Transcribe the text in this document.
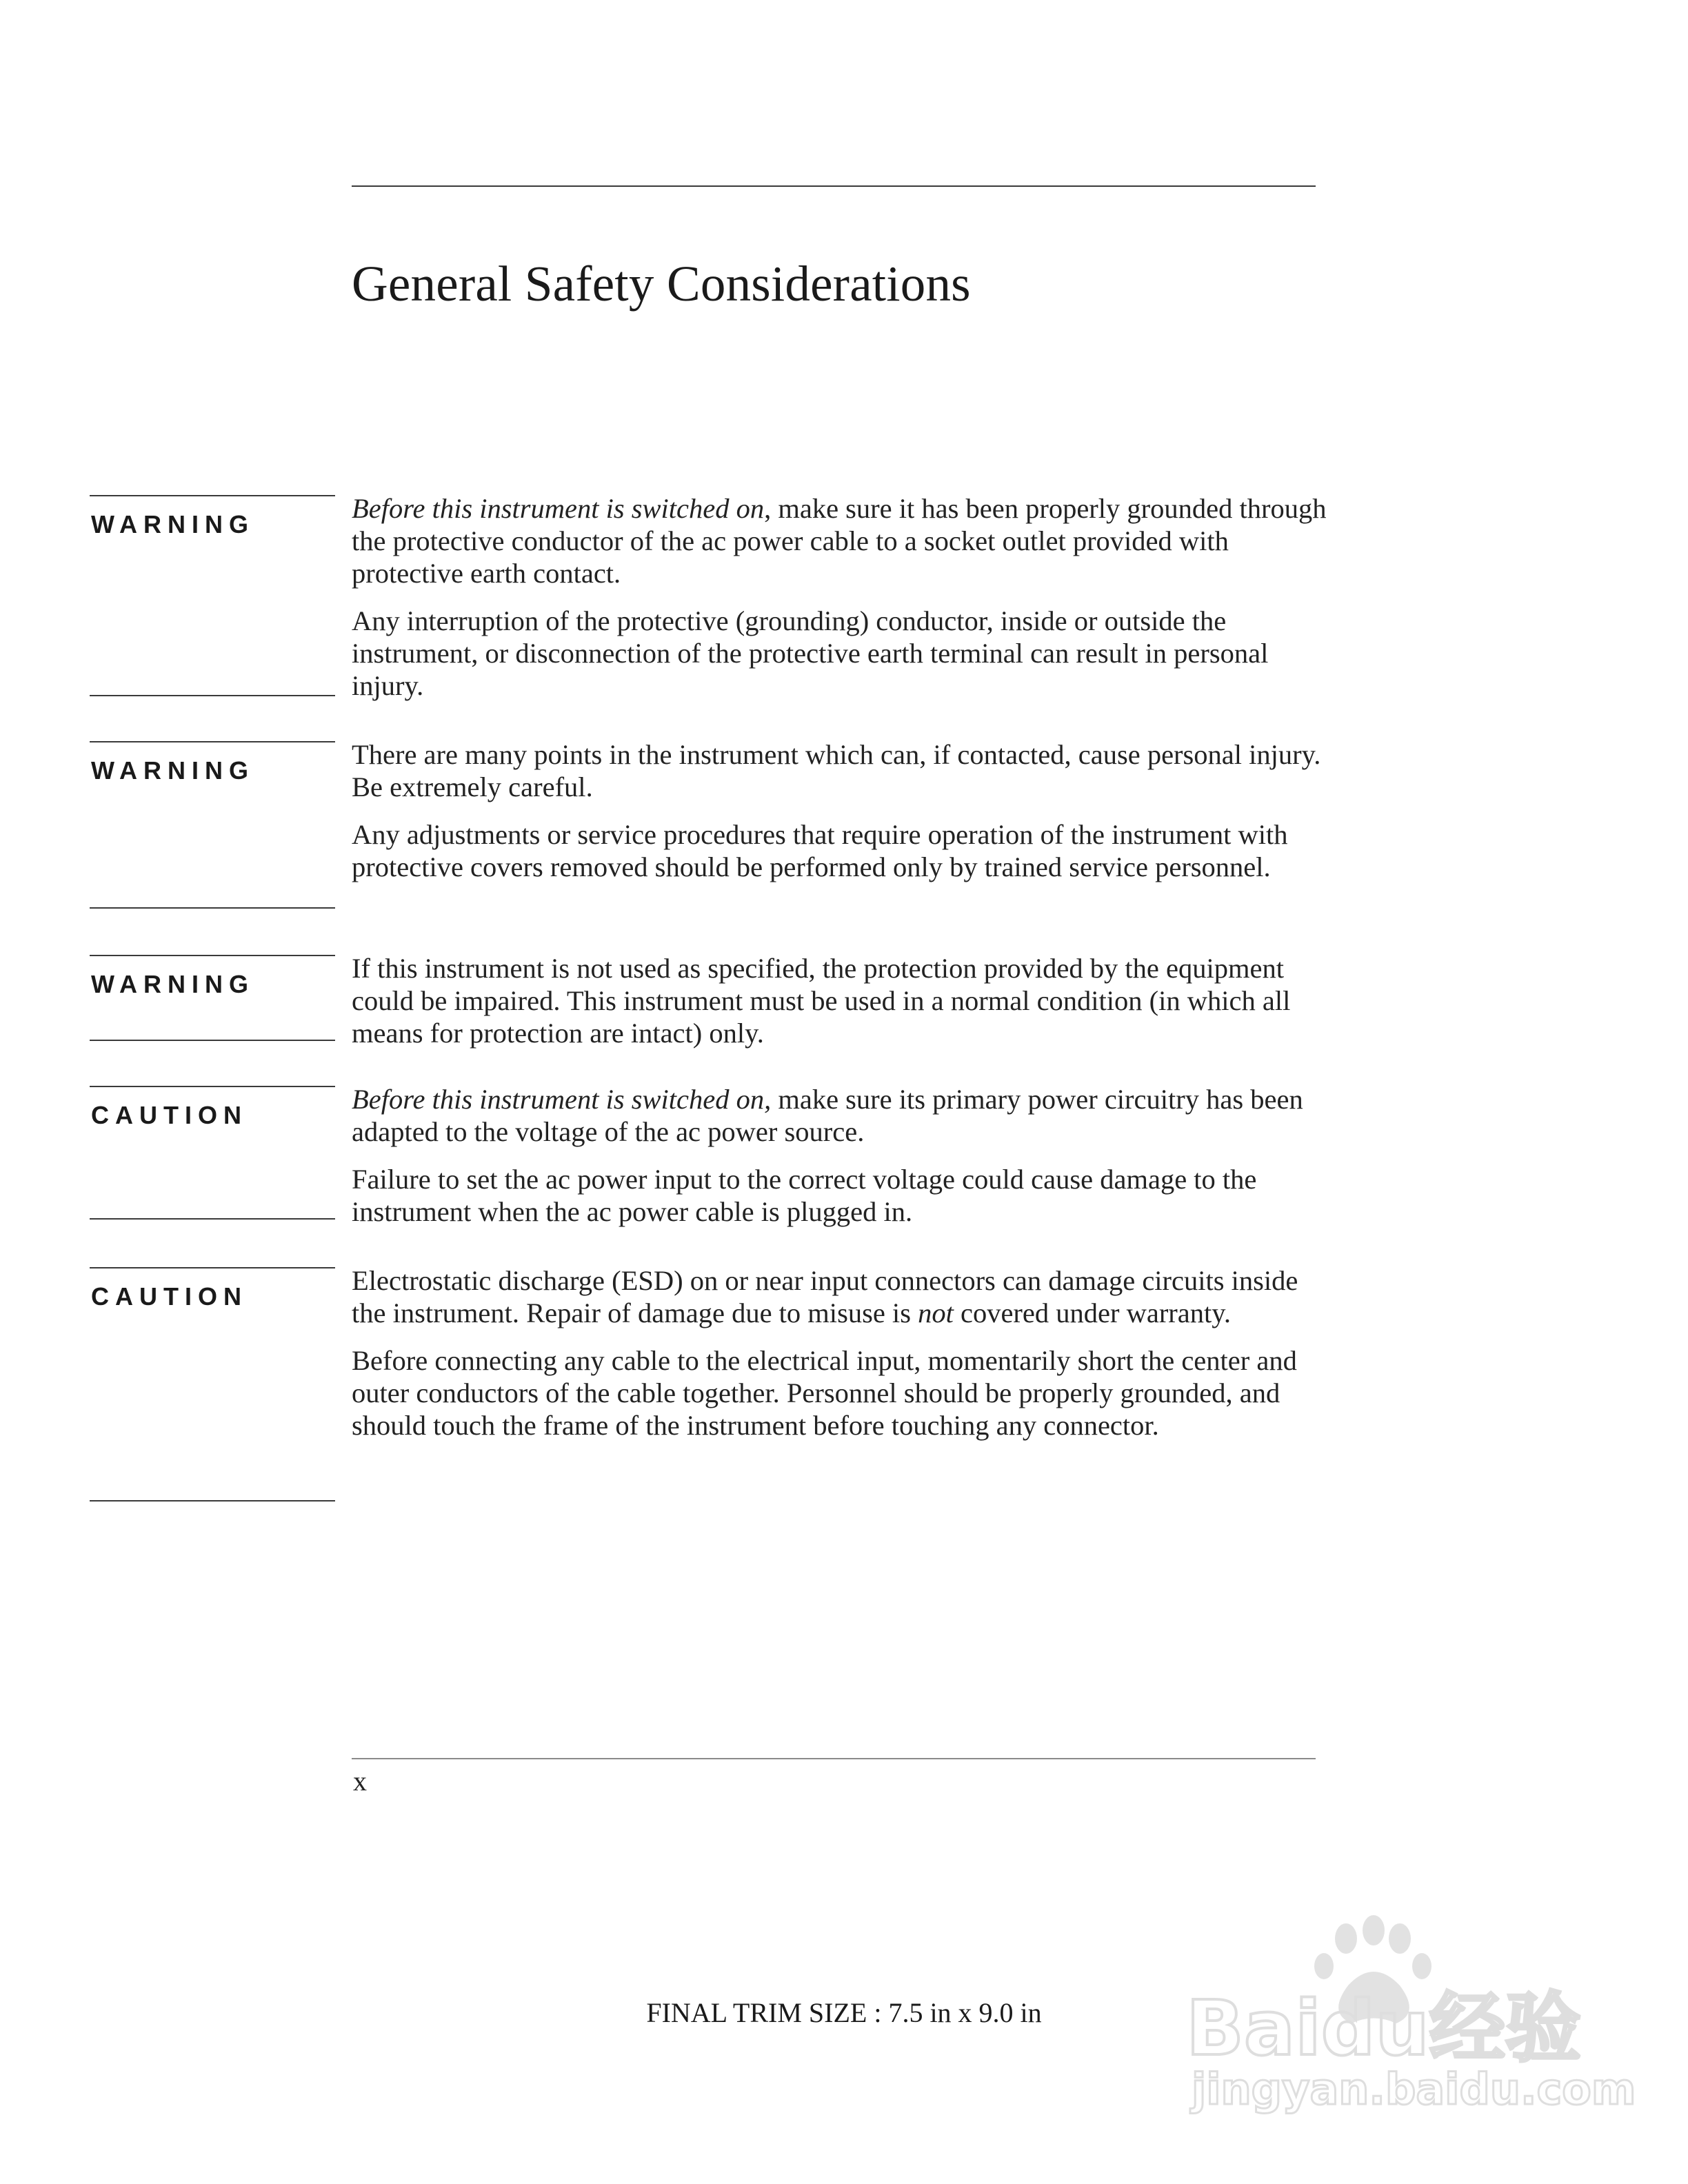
General Safety Considerations
WARNING

Before this instrument is switched on, make sure it has been properly grounded through the protective conductor of the ac power cable to a socket outlet provided with protective earth contact.

Any interruption of the protective (grounding) conductor, inside or outside the instrument, or disconnection of the protective earth terminal can result in personal injury.

WARNING

There are many points in the instrument which can, if contacted, cause personal injury. Be extremely careful.

Any adjustments or service procedures that require operation of the instrument with protective covers removed should be performed only by trained service personnel.

WARNING

If this instrument is not used as specified, the protection provided by the equipment could be impaired. This instrument must be used in a normal condition (in which all means for protection are intact) only.

CAUTION

Before this instrument is switched on, make sure its primary power circuitry has been adapted to the voltage of the ac power source.

Failure to set the ac power input to the correct voltage could cause damage to the instrument when the ac power cable is plugged in.

CAUTION

Electrostatic discharge (ESD) on or near input connectors can damage circuits inside the instrument. Repair of damage due to misuse is not covered under warranty.

Before connecting any cable to the electrical input, momentarily short the center and outer conductors of the cable together. Personnel should be properly grounded, and should touch the frame of the instrument before touching any connector.

x
FINAL TRIM SIZE : 7.5 in x 9.0 in	Baidu经验
jingyan.baidu.com
